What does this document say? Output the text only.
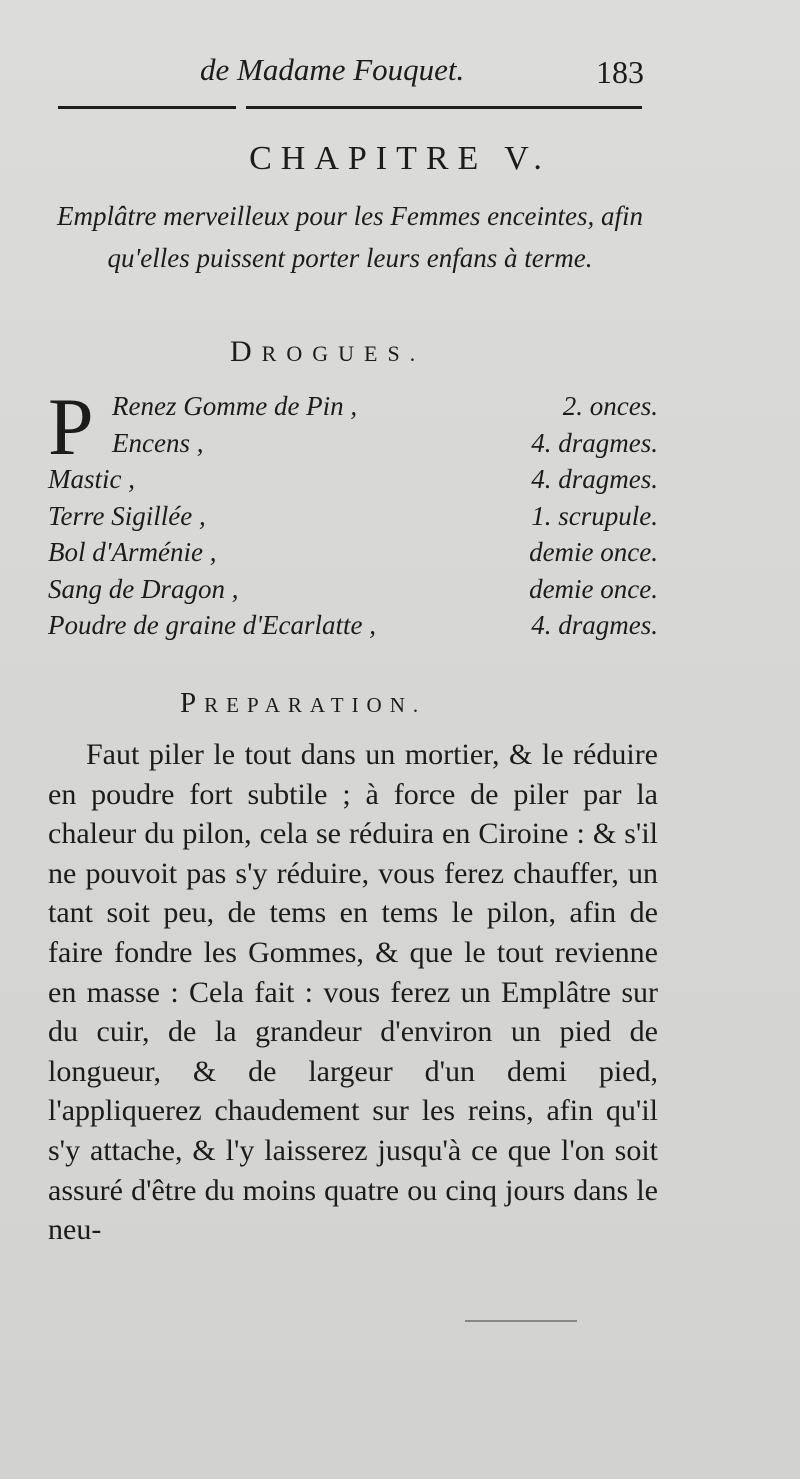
de Madame Fouquet.	183
CHAPITRE V.
Emplâtre merveilleux pour les Femmes enceintes, afin qu'elles puissent porter leurs enfans à terme.
DROGUES.
P Renez Gomme de Pin ,	2. onces.
Encens ,	4. dragmes.
Mastic ,	4. dragmes.
Terre Sigillée ,	1. scrupule.
Bol d'Arménie ,	demie once.
Sang de Dragon ,	demie once.
Poudre de graine d'Ecarlatte ,	4. dragmes.
PREPARATION.
Faut piler le tout dans un mortier, & le réduire en poudre fort subtile ; à force de piler par la chaleur du pilon, cela se réduira en Ciroine : & s'il ne pouvoit pas s'y réduire, vous ferez chauffer, un tant soit peu, de tems en tems le pilon, afin de faire fondre les Gommes, & que le tout revienne en masse : Cela fait : vous ferez un Emplâtre sur du cuir, de la grandeur d'environ un pied de longueur, & de largeur d'un demi pied, l'appliquerez chaudement sur les reins, afin qu'il s'y attache, & l'y laisserez jusqu'à ce que l'on soit assuré d'être du moins quatre ou cinq jours dans le neu-
